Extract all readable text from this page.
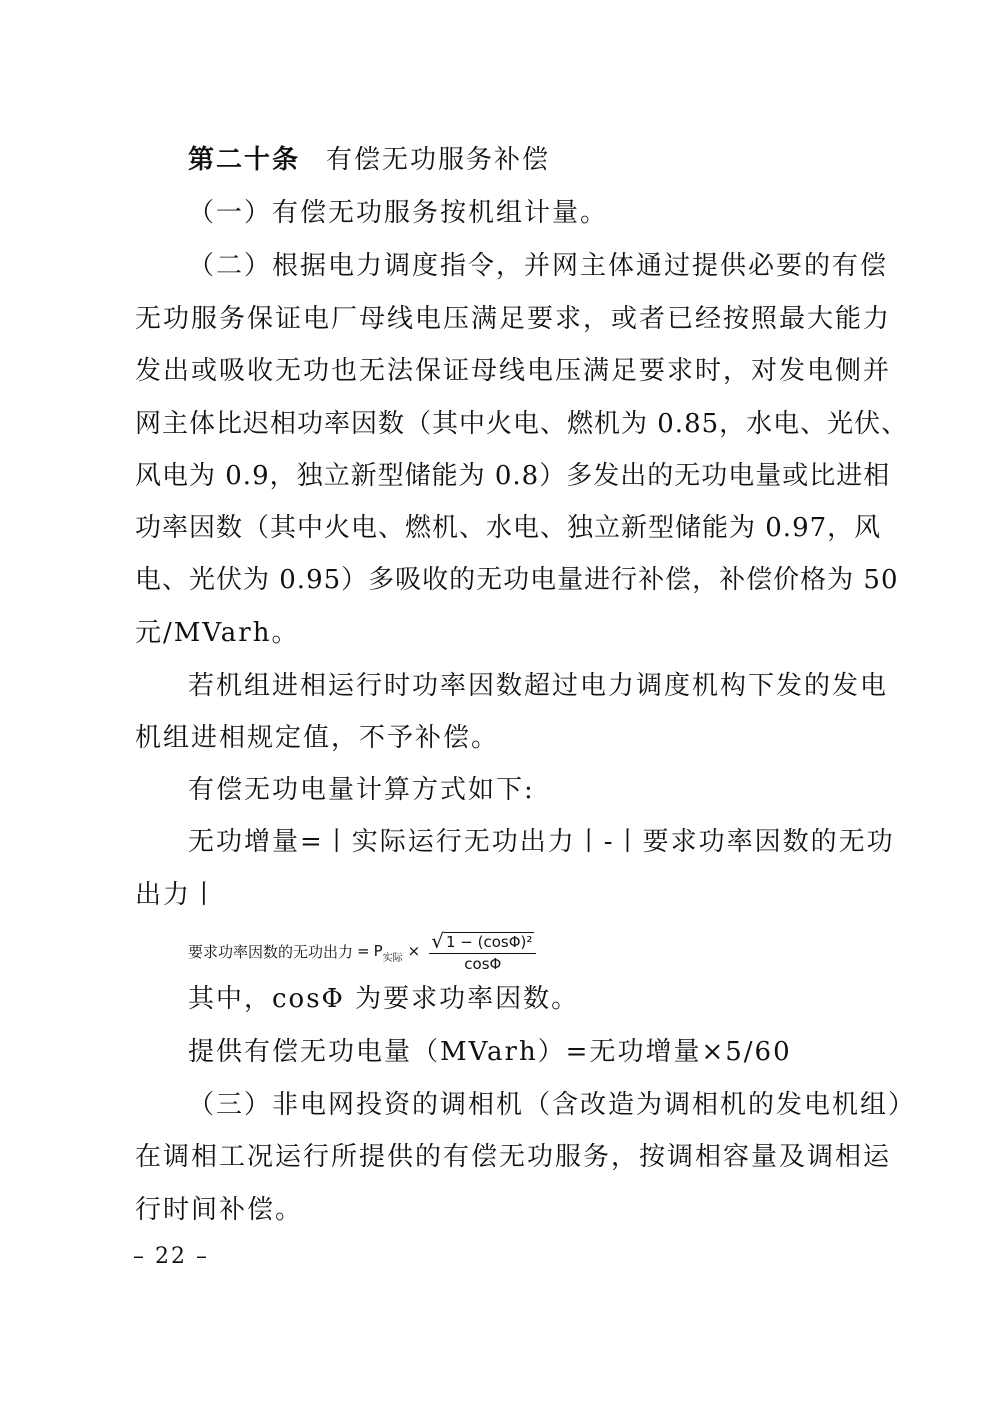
第二十条 有偿无功服务补偿
（一）有偿无功服务按机组计量。
（二）根据电力调度指令，并网主体通过提供必要的有偿
无功服务保证电厂母线电压满足要求，或者已经按照最大能力
发出或吸收无功也无法保证母线电压满足要求时，对发电侧并
网主体比迟相功率因数（其中火电、燃机为 0.85，水电、光伏、
风电为 0.9，独立新型储能为 0.8）多发出的无功电量或比进相
功率因数（其中火电、燃机、水电、独立新型储能为 0.97，风
电、光伏为 0.95）多吸收的无功电量进行补偿，补偿价格为 50
元/MVarh。
若机组进相运行时功率因数超过电力调度机构下发的发电
机组进相规定值，不予补偿。
有偿无功电量计算方式如下:
无功增量=丨实际运行无功出力丨-丨要求功率因数的无功
出力丨
要求功率因数的无功出力 = P 实际 × $\frac{\text{√ 1 − (cosΦ)²}}{\cos\Phi}$
其中，cosΦ 为要求功率因数。
提供有偿无功电量（MVarh）=无功增量×5/60
（三）非电网投资的调相机（含改造为调相机的发电机组）
在调相工况运行所提供的有偿无功服务，按调相容量及调相运
行时间补偿。
– 22 –
